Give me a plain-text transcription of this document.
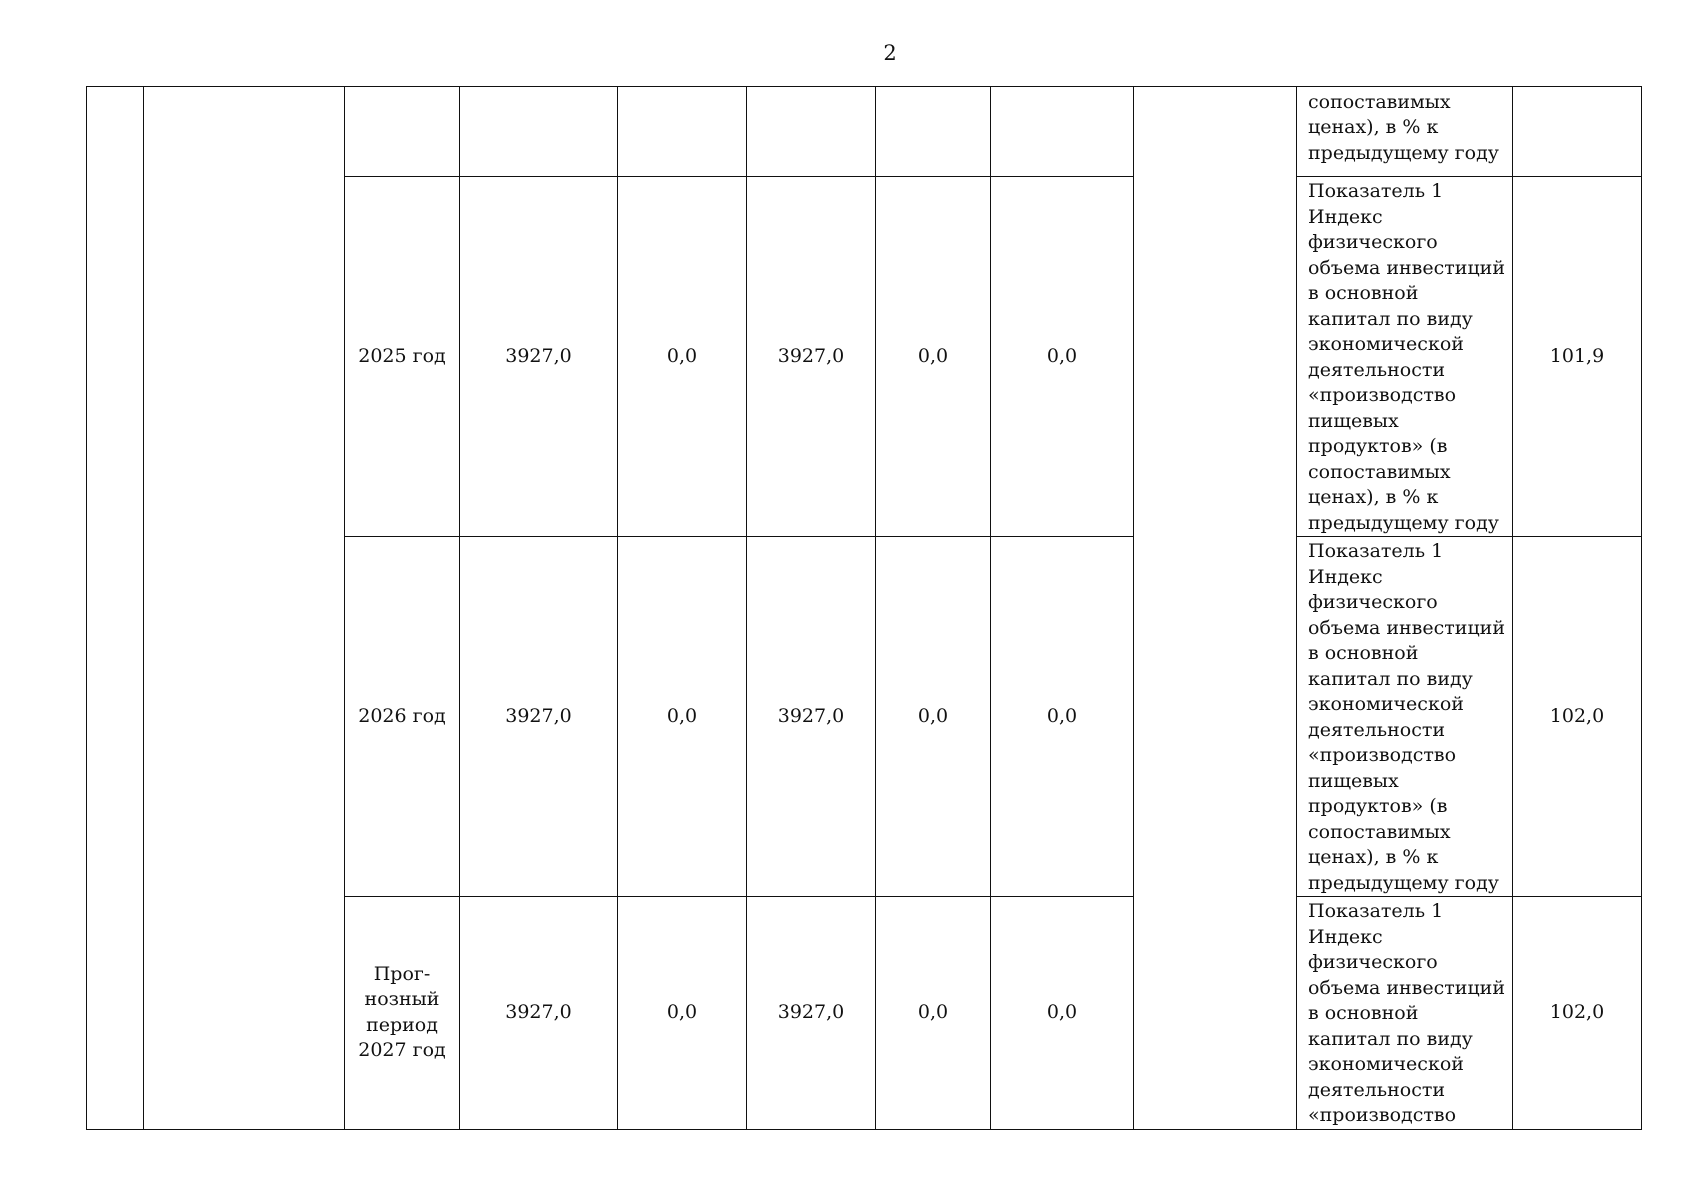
2
									сопоставимых ценах), в % к предыдущему году	
		2025 год	3927,0	0,0	3927,0	0,0	0,0		Показатель 1 Индекс физического объема инвестиций в основной капитал по виду экономической деятельности «производство пищевых продуктов» (в сопоставимых ценах), в % к предыдущему году	101,9
		2026 год	3927,0	0,0	3927,0	0,0	0,0		Показатель 1 Индекс физического объема инвестиций в основной капитал по виду экономической деятельности «производство пищевых продуктов» (в сопоставимых ценах), в % к предыдущему году	102,0
		Прог-нозный период 2027 год	3927,0	0,0	3927,0	0,0	0,0		Показатель 1 Индекс физического объема инвестиций в основной капитал по виду экономической деятельности «производство	102,0
